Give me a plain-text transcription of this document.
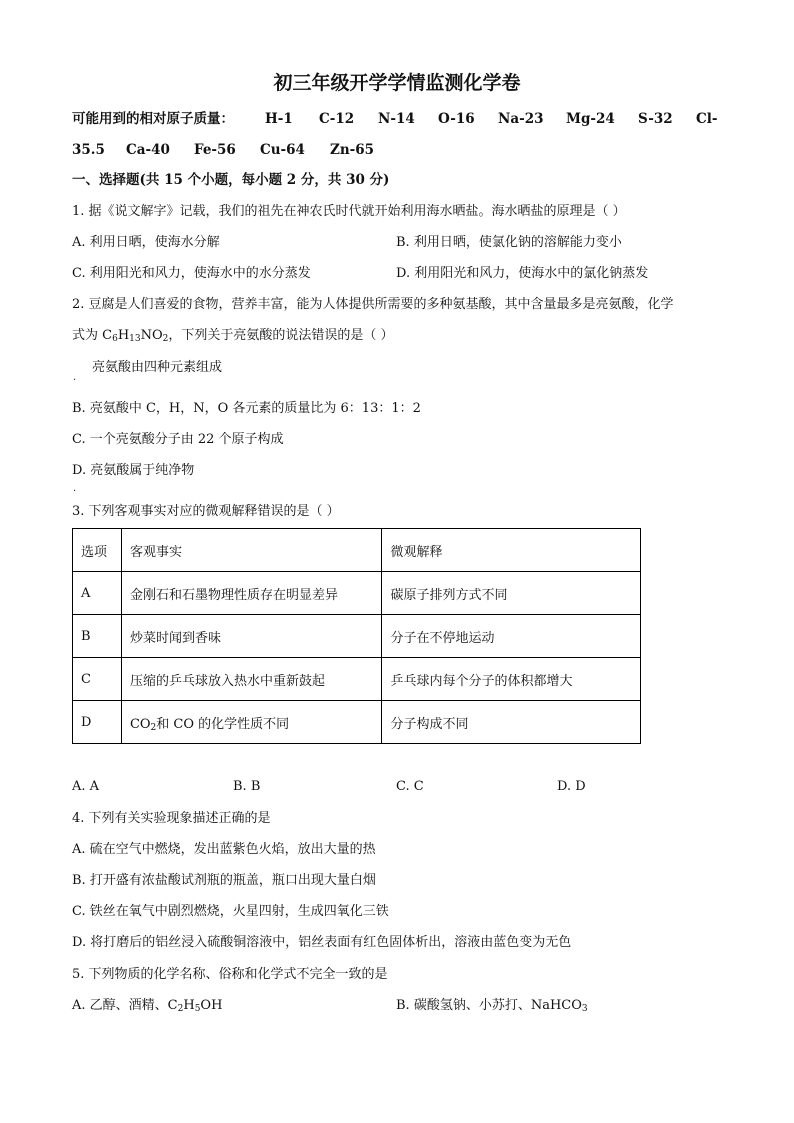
初三年级开学学情监测化学卷
可能用到的相对原子质量： H-1 C-12 N-14 O-16 Na-23 Mg-24 S-32 Cl-
35.5 Ca-40 Fe-56 Cu-64 Zn-65
一、选择题(共 15 个小题，每小题 2 分，共 30 分)
1. 据《说文解字》记载，我们的祖先在神农氏时代就开始利用海水晒盐。海水晒盐的原理是（ ）
A. 利用日晒，使海水分解	B. 利用日晒，使氯化钠的溶解能力变小
C. 利用阳光和风力，使海水中的水分蒸发	D. 利用阳光和风力，使海水中的氯化钠蒸发
2. 豆腐是人们喜爱的食物，营养丰富，能为人体提供所需要的多种氨基酸，其中含量最多是亮氨酸，化学
式为 $C_6H_{13}NO_2$，下列关于亮氨酸的说法错误的是（ ）
亮氨酸由四种元素组成
.
B. 亮氨酸中 C，H，N，O 各元素的质量比为 6：13：1：2
C. 一个亮氨酸分子由 22 个原子构成
D. 亮氨酸属于纯净物
.
3. 下列客观事实对应的微观解释错误的是（ ）
选项	客观事实	微观解释
A	金刚石和石墨物理性质存在明显差异	碳原子排列方式不同
B	炒菜时闻到香味	分子在不停地运动
C	压缩的乒乓球放入热水中重新鼓起	乒乓球内每个分子的体积都增大
D	$CO_2$和 CO 的化学性质不同	分子构成不同
A. A	B. B	C. C	D. D
4. 下列有关实验现象描述正确的是
A. 硫在空气中燃烧，发出蓝紫色火焰，放出大量的热
B. 打开盛有浓盐酸试剂瓶的瓶盖，瓶口出现大量白烟
C. 铁丝在氧气中剧烈燃烧，火星四射，生成四氧化三铁
D. 将打磨后的铝丝浸入硫酸铜溶液中，铝丝表面有红色固体析出，溶液由蓝色变为无色
5. 下列物质的化学名称、俗称和化学式不完全一致的是
A. 乙醇、酒精、$C_2H_5OH$	B. 碳酸氢钠、小苏打、NaHCO$_3$
